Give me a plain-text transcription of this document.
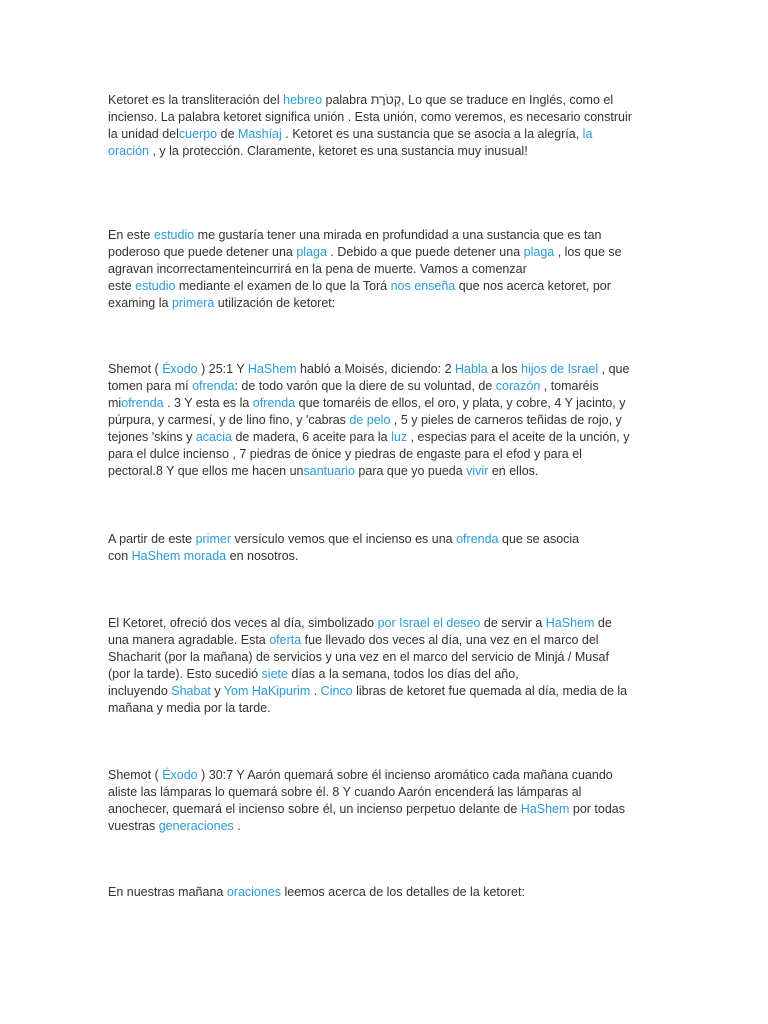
Ketoret es la transliteración del hebreo palabra קְטֹרֶת, Lo que se traduce en Inglés, como el
incienso. La palabra ketoret significa unión . Esta unión, como veremos, es necesario construir
la unidad delcuerpo de Mashíaj . Ketoret es una sustancia que se asocia a la alegría, la
oración , y la protección. Claramente, ketoret es una sustancia muy inusual!

En este estudio me gustaría tener una mirada en profundidad a una sustancia que es tan
poderoso que puede detener una plaga . Debido a que puede detener una plaga , los que se
agravan incorrectamenteincurrirá en la pena de muerte. Vamos a comenzar
este estudio mediante el examen de lo que la Torá nos enseña que nos acerca ketoret, por
examing la primera utilización de ketoret:

Shemot ( Éxodo ) 25:1 Y HaShem habló a Moisés, diciendo: 2 Habla a los hijos de Israel , que
tomen para mí ofrenda: de todo varón que la diere de su voluntad, de corazón , tomaréis
miofrenda . 3 Y esta es la ofrenda que tomaréis de ellos, el oro, y plata, y cobre, 4 Y jacinto, y
púrpura, y carmesí, y de lino fino, y 'cabras de pelo , 5 y pieles de carneros teñidas de rojo, y
tejones 'skins y acacia de madera, 6 aceite para la luz , especias para el aceite de la unción, y
para el dulce incienso , 7 piedras de ónice y piedras de engaste para el efod y para el
pectoral.8 Y que ellos me hacen unsantuario para que yo pueda vivir en ellos.

A partir de este primer versículo vemos que el incienso es una ofrenda que se asocia
con HaShem morada en nosotros.

El Ketoret, ofreció dos veces al día, simbolizado por Israel el deseo de servir a HaShem de
una manera agradable. Esta oferta fue llevado dos veces al día, una vez en el marco del
Shacharit (por la mañana) de servicios y una vez en el marco del servicio de Minjá / Musaf
(por la tarde). Esto sucedió siete días a la semana, todos los días del año,
incluyendo Shabat y Yom HaKipurim . Cinco libras de ketoret fue quemada al día, media de la
mañana y media por la tarde.

Shemot ( Éxodo ) 30:7 Y Aarón quemará sobre él incienso aromático cada mañana cuando
aliste las lámparas lo quemará sobre él. 8 Y cuando Aarón encenderá las lámparas al
anochecer, quemará el incienso sobre él, un incienso perpetuo delante de HaShem por todas
vuestras generaciones .

En nuestras mañana oraciones leemos acerca de los detalles de la ketoret:
